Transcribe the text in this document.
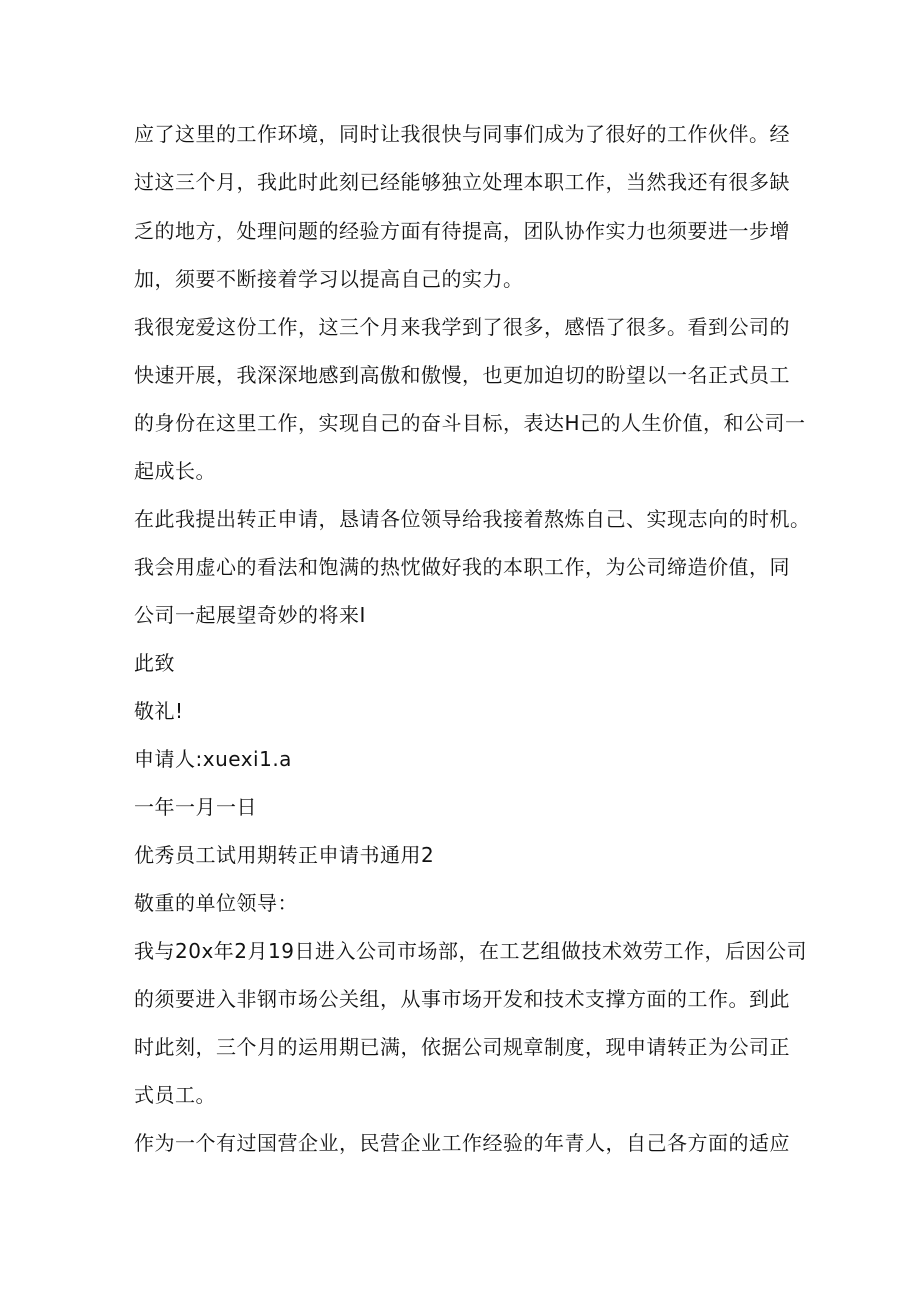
应了这里的工作环境，同时让我很快与同事们成为了很好的工作伙伴。经
过这三个月，我此时此刻已经能够独立处理本职工作，当然我还有很多缺
乏的地方，处理问题的经验方面有待提高，团队协作实力也须要进一步增
加，须要不断接着学习以提高自己的实力。
我很宠爱这份工作，这三个月来我学到了很多，感悟了很多。看到公司的
快速开展，我深深地感到高傲和傲慢，也更加迫切的盼望以一名正式员工
的身份在这里工作，实现自己的奋斗目标，表达H己的人生价值，和公司一
起成长。
在此我提出转正申请，恳请各位领导给我接着熬炼自己、实现志向的时机。
我会用虚心的看法和饱满的热忱做好我的本职工作，为公司缔造价值，同
公司一起展望奇妙的将来I
此致
敬礼!
申请人:xuexi1.a
一年一月一日
优秀员工试用期转正申请书通用2
敬重的单位领导：
我与20x年2月19日进入公司市场部，在工艺组做技术效劳工作，后因公司
的须要进入非钢市场公关组，从事市场开发和技术支撑方面的工作。到此
时此刻，三个月的运用期已满，依据公司规章制度，现申请转正为公司正
式员工。
作为一个有过国营企业，民营企业工作经验的年青人，自己各方面的适应
